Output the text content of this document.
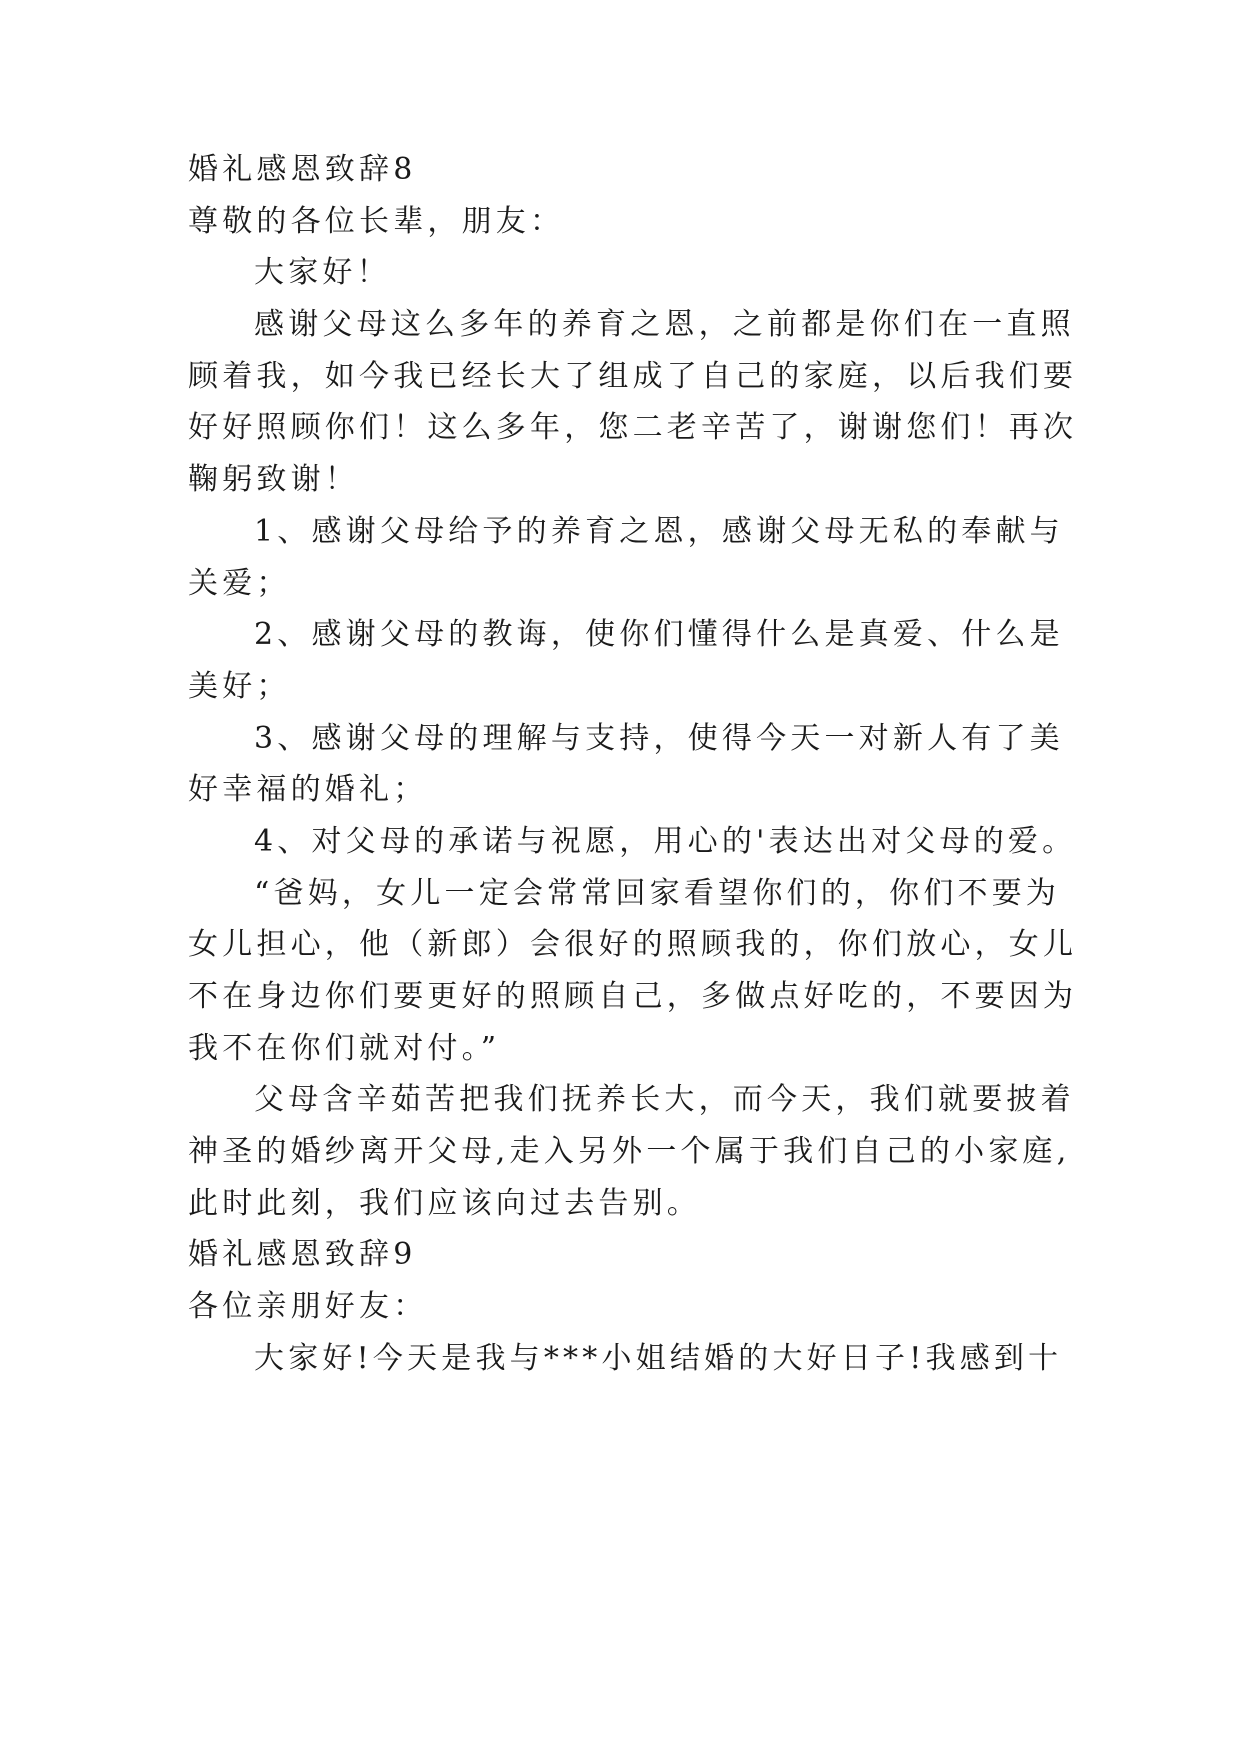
婚礼感恩致辞8
尊敬的各位长辈，朋友：
大家好！
感谢父母这么多年的养育之恩，之前都是你们在一直照
顾着我，如今我已经长大了组成了自己的家庭，以后我们要
好好照顾你们！这么多年，您二老辛苦了，谢谢您们！再次
鞠躬致谢！
1、感谢父母给予的养育之恩，感谢父母无私的奉献与
关爱；
2、感谢父母的教诲，使你们懂得什么是真爱、什么是
美好；
3、感谢父母的理解与支持，使得今天一对新人有了美
好幸福的婚礼；
4、对父母的承诺与祝愿，用心的'表达出对父母的爱。
“爸妈，女儿一定会常常回家看望你们的，你们不要为
女儿担心，他（新郎）会很好的照顾我的，你们放心，女儿
不在身边你们要更好的照顾自己，多做点好吃的，不要因为
我不在你们就对付。”
父母含辛茹苦把我们抚养长大，而今天，我们就要披着
神圣的婚纱离开父母,走入另外一个属于我们自己的小家庭,
此时此刻，我们应该向过去告别。
婚礼感恩致辞9
各位亲朋好友：
大家好!今天是我与***小姐结婚的大好日子!我感到十
